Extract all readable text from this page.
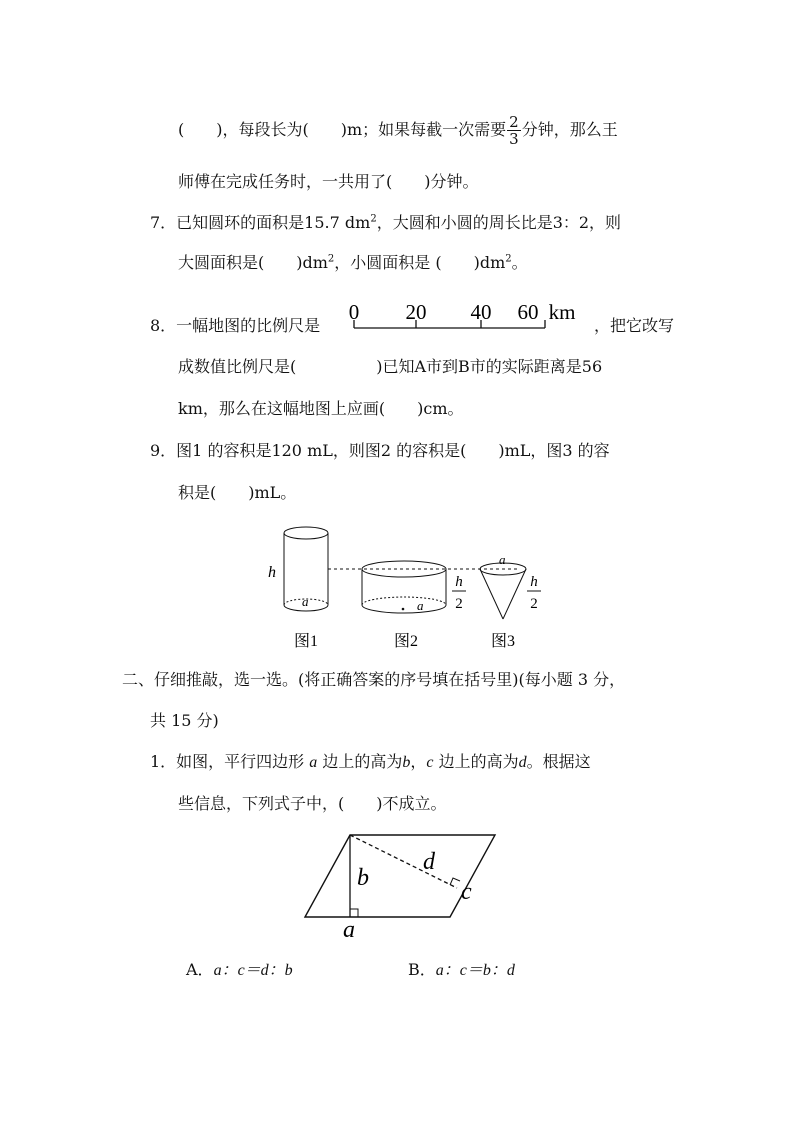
(　　)，每段长为(　　)m；如果每截一次需要 $\frac{2}{3}$ 分钟，那么王
师傅在完成任务时，一共用了(　　)分钟。
7．已知圆环的面积是15.7 $dm^2$，大圆和小圆的周长比是3：2，则
大圆面积是(　　)$dm^2$，小圆面积是 (　　)$dm^2$。
8．一幅地图的比例尺是
0 20 40 60 km
，把它改写
成数值比例尺是(　　　　　)已知A市到B市的实际距离是56
km，那么在这幅地图上应画(　　)cm。
9．图1 的容积是120 mL，则图2 的容积是(　　)mL，图3 的容
积是(　　)mL。
h
a	a
h
2
a
h
2
图1	图2	图3
二、仔细推敲，选一选。(将正确答案的序号填在括号里)(每小题 3 分，
共 15 分)
1．如图，平行四边形 a 边上的高为b，c 边上的高为d。根据这
些信息，下列式子中，(　　)不成立。
b
d
c
a
A．a：c＝d：b	B．a：c＝b：d
